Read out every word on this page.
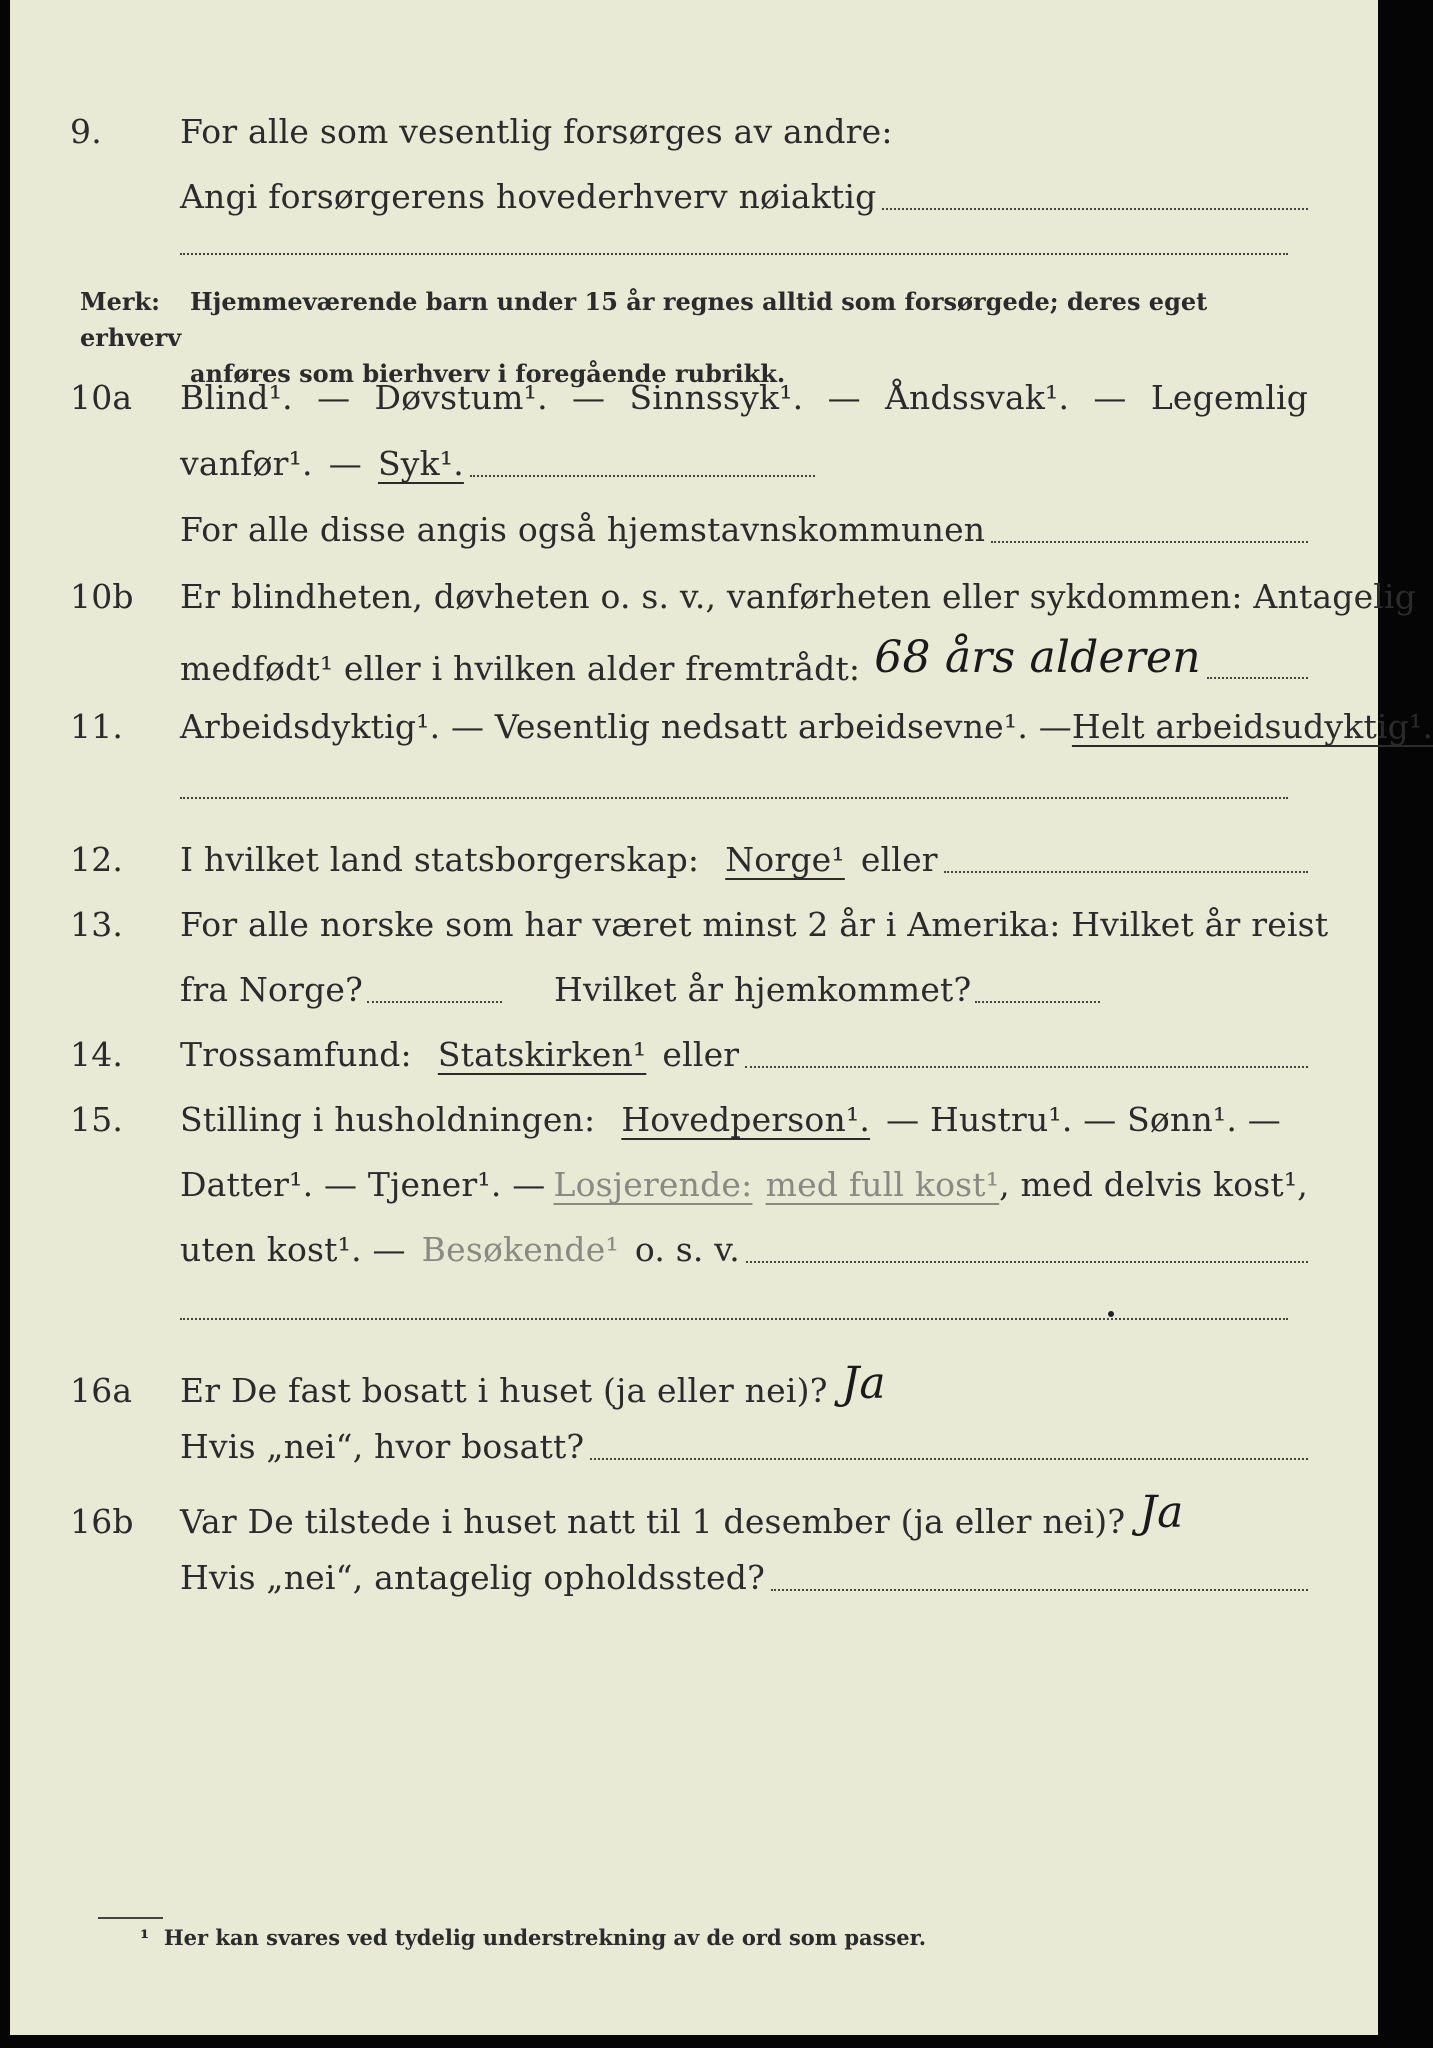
9.	For alle som vesentlig forsørges av andre:
Angi forsørgerens hovederhverv nøiaktig
Merk: Hjemmeværende barn under 15 år regnes alltid som forsørgede; deres eget erhverv
anføres som bierhverv i foregående rubrikk.
10a	Blind¹. — Døvstum¹. — Sinnssyk¹. — Åndssvak¹. — Legemlig
vanfør¹. — Syk¹.
For alle disse angis også hjemstavnskommunen
10b	Er blindheten, døvheten o. s. v., vanførheten eller sykdommen: Antagelig
medfødt¹ eller i hvilken alder fremtrådt: 68 års alderen
11.	Arbeidsdyktig¹. — Vesentlig nedsatt arbeidsevne¹. — Helt arbeidsudyktig¹.
12.	I hvilket land statsborgerskap: Norge¹ eller
13.	For alle norske som har været minst 2 år i Amerika: Hvilket år reist
fra Norge?	Hvilket år hjemkommet?
14.	Trossamfund: Statskirken¹ eller
15.	Stilling i husholdningen: Hovedperson¹. — Hustru¹. — Sønn¹. —
Datter¹. — Tjener¹. — Losjerende: med full kost¹ , med delvis kost¹,
uten kost¹. — Besøkende¹ o. s. v.
16a	Er De fast bosatt i huset (ja eller nei)? Ja
Hvis „nei“, hvor bosatt?
16b	Var De tilstede i huset natt til 1 desember (ja eller nei)? Ja
Hvis „nei“, antagelig opholdssted?
¹ Her kan svares ved tydelig understrekning av de ord som passer.
